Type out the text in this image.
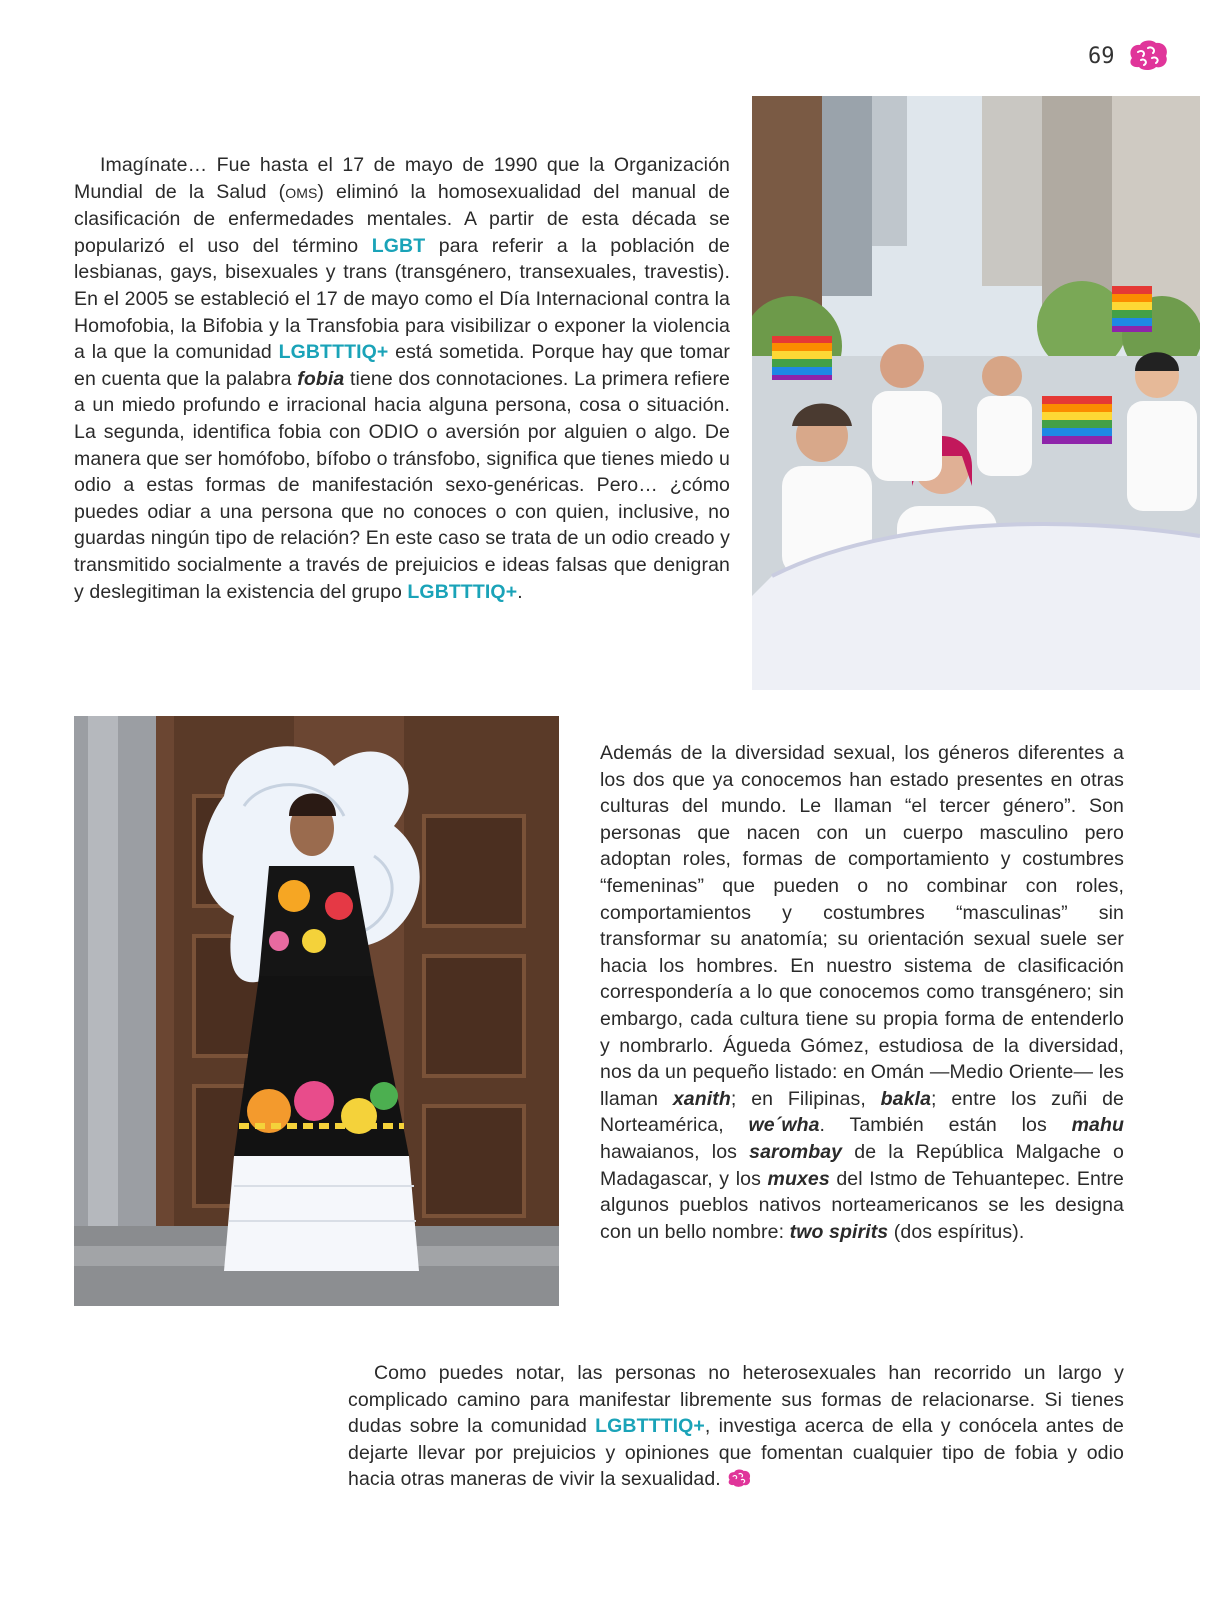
69

Imagínate… Fue hasta el 17 de mayo de 1990 que la Organización Mundial de la Salud (OMS) eliminó la homosexualidad del manual de clasificación de enfermedades mentales. A partir de esta década se popularizó el uso del término LGBT para referir a la población de lesbianas, gays, bisexuales y trans (transgénero, transexuales, travestis). En el 2005 se estableció el 17 de mayo como el Día Internacional contra la Homofobia, la Bifobia y la Transfobia para visibilizar o exponer la violencia a la que la comunidad LGBTTTIQ+ está sometida. Porque hay que tomar en cuenta que la palabra fobia tiene dos connotaciones. La primera refiere a un miedo profundo e irracional hacia alguna persona, cosa o situación. La segunda, identifica fobia con ODIO o aversión por alguien o algo. De manera que ser homófobo, bífobo o tránsfobo, significa que tienes miedo u odio a estas formas de manifestación sexo-genéricas. Pero… ¿cómo puedes odiar a una persona que no conoces o con quien, inclusive, no guardas ningún tipo de relación? En este caso se trata de un odio creado y transmitido socialmente a través de prejuicios e ideas falsas que denigran y deslegitiman la existencia del grupo LGBTTTIQ+.

Además de la diversidad sexual, los géneros diferentes a los dos que ya conocemos han estado presentes en otras culturas del mundo. Le llaman “el tercer género”. Son personas que nacen con un cuerpo masculino pero adoptan roles, formas de comportamiento y costumbres “femeninas” que pueden o no combinar con roles, comportamientos y costumbres “masculinas” sin transformar su anatomía; su orientación sexual suele ser hacia los hombres. En nuestro sistema de clasificación correspondería a lo que conocemos como transgénero; sin embargo, cada cultura tiene su propia forma de entenderlo y nombrarlo. Águeda Gómez, estudiosa de la diversidad, nos da un pequeño listado: en Omán —Medio Oriente— les llaman xanith; en Filipinas, bakla; entre los zuñi de Norteamérica, we´wha. También están los mahu hawaianos, los sarombay de la República Malgache o Madagascar, y los muxes del Istmo de Tehuantepec. Entre algunos pueblos nativos norteamericanos se les designa con un bello nombre: two spirits (dos espíritus).

Como puedes notar, las personas no heterosexuales han recorrido un largo y complicado camino para manifestar libremente sus formas de relacionarse. Si tienes dudas sobre la comunidad LGBTTTIQ+, investiga acerca de ella y conócela antes de dejarte llevar por prejuicios y opiniones que fomentan cualquier tipo de fobia y odio hacia otras maneras de vivir la sexualidad.
